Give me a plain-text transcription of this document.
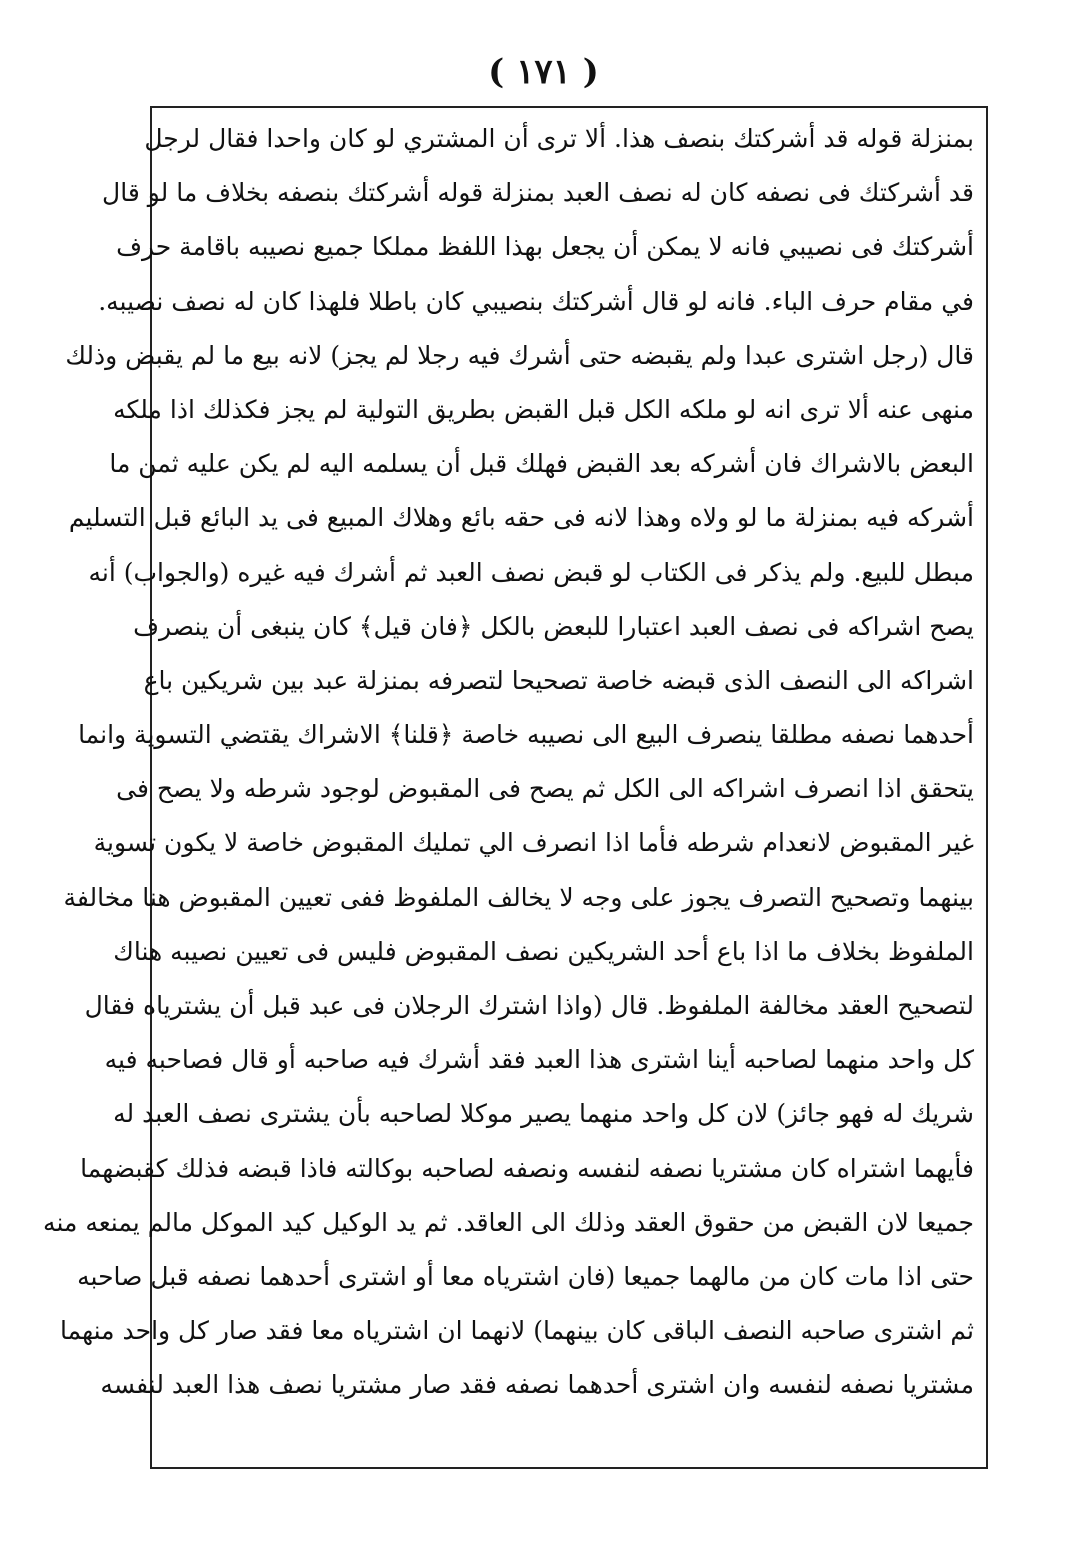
( ١٧١ )
بمنزلة قوله قد أشركتك بنصف هذا. ألا ترى أن المشتري لو كان واحدا فقال لرجل
قد أشركتك فى نصفه كان له نصف العبد بمنزلة قوله أشركتك بنصفه بخلاف ما لو قال
أشركتك فى نصيبي فانه لا يمكن أن يجعل بهذا اللفظ مملكا جميع نصيبه باقامة حرف
في مقام حرف الباء. فانه لو قال أشركتك بنصيبي كان باطلا فلهذا كان له نصف نصيبه.
قال (رجل اشترى عبدا ولم يقبضه حتى أشرك فيه رجلا لم يجز) لانه بيع ما لم يقبض وذلك
منهى عنه ألا ترى انه لو ملكه الكل قبل القبض بطريق التولية لم يجز فكذلك اذا ملكه
البعض بالاشراك فان أشركه بعد القبض فهلك قبل أن يسلمه اليه لم يكن عليه ثمن ما
أشركه فيه بمنزلة ما لو ولاه وهذا لانه فى حقه بائع وهلاك المبيع فى يد البائع قبل التسليم
مبطل للبيع. ولم يذكر فى الكتاب لو قبض نصف العبد ثم أشرك فيه غيره (والجواب) أنه
يصح اشراكه فى نصف العبد اعتبارا للبعض بالكل ﴿فان قيل﴾ كان ينبغى أن ينصرف
اشراكه الى النصف الذى قبضه خاصة تصحيحا لتصرفه بمنزلة عبد بين شريكين باع
أحدهما نصفه مطلقا ينصرف البيع الى نصيبه خاصة ﴿قلنا﴾ الاشراك يقتضي التسوية وانما
يتحقق اذا انصرف اشراكه الى الكل ثم يصح فى المقبوض لوجود شرطه ولا يصح فى
غير المقبوض لانعدام شرطه فأما اذا انصرف الي تمليك المقبوض خاصة لا يكون تسوية
بينهما وتصحيح التصرف يجوز على وجه لا يخالف الملفوظ ففى تعيين المقبوض هنا مخالفة
الملفوظ بخلاف ما اذا باع أحد الشريكين نصف المقبوض فليس فى تعيين نصيبه هناك
لتصحيح العقد مخالفة الملفوظ. قال (واذا اشترك الرجلان فى عبد قبل أن يشترياه فقال
كل واحد منهما لصاحبه أينا اشترى هذا العبد فقد أشرك فيه صاحبه أو قال فصاحبه فيه
شريك له فهو جائز) لان كل واحد منهما يصير موكلا لصاحبه بأن يشترى نصف العبد له
فأيهما اشتراه كان مشتريا نصفه لنفسه ونصفه لصاحبه بوكالته فاذا قبضه فذلك كقبضهما
جميعا لان القبض من حقوق العقد وذلك الى العاقد. ثم يد الوكيل كيد الموكل مالم يمنعه منه
حتى اذا مات كان من مالهما جميعا (فان اشترياه معا أو اشترى أحدهما نصفه قبل صاحبه
ثم اشترى صاحبه النصف الباقى كان بينهما) لانهما ان اشترياه معا فقد صار كل واحد منهما
مشتريا نصفه لنفسه وان اشترى أحدهما نصفه فقد صار مشتريا نصف هذا العبد لنفسه
